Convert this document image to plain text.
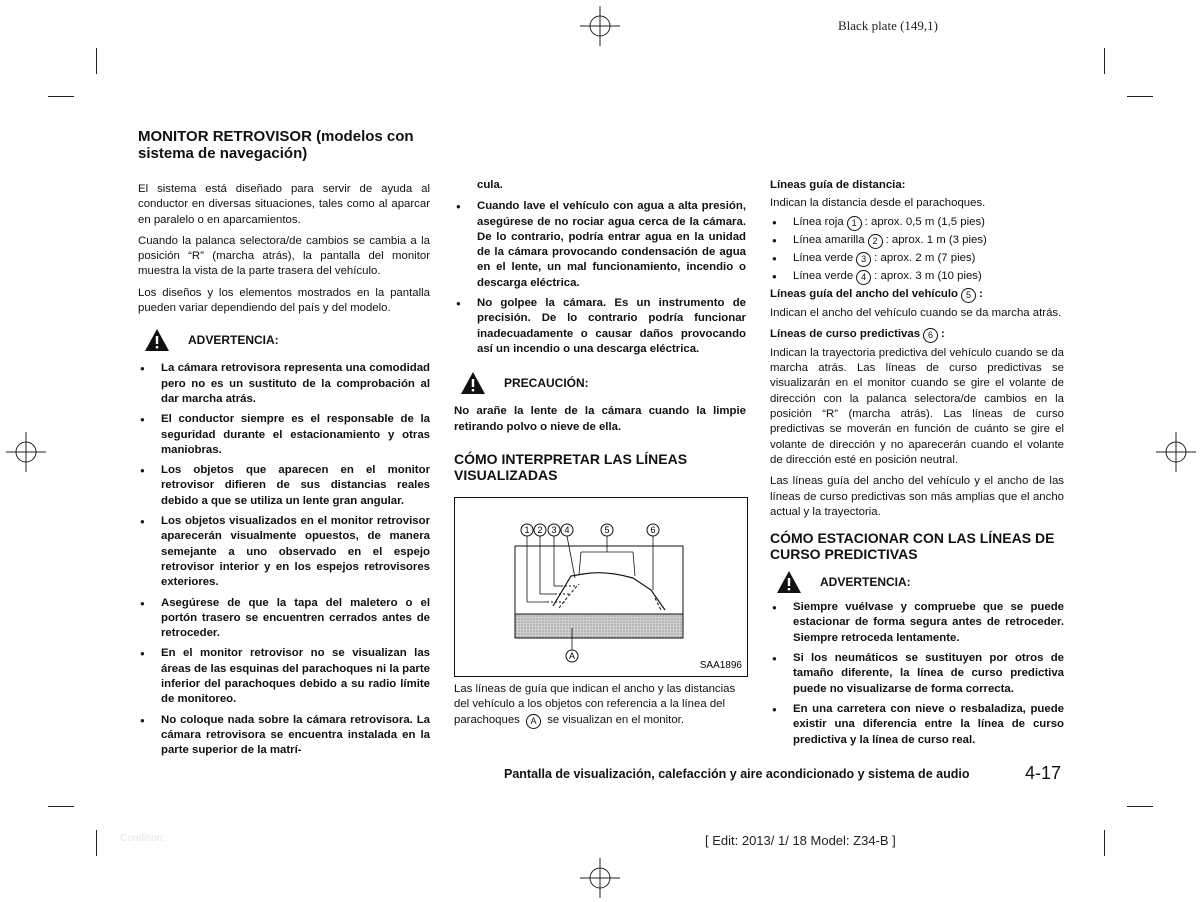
Black plate (149,1)
MONITOR RETROVISOR (modelos con sistema de navegación)

El sistema está diseñado para servir de ayuda al conductor en diversas situaciones, tales como al aparcar en paralelo o en aparcamientos.

Cuando la palanca selectora/de cambios se cambia a la posición “R” (marcha atrás), la pantalla del monitor muestra la vista de la parte trasera del vehículo.

Los diseños y los elementos mostrados en la pantalla pueden variar dependiendo del país y del modelo.

ADVERTENCIA:
● La cámara retrovisora representa una comodidad pero no es un sustituto de la comprobación al dar marcha atrás.
● El conductor siempre es el responsable de la seguridad durante el estacionamiento y otras maniobras.
● Los objetos que aparecen en el monitor retrovisor difieren de sus distancias reales debido a que se utiliza un lente gran angular.
● Los objetos visualizados en el monitor retrovisor aparecerán visualmente opuestos, de manera semejante a uno observado en el espejo retrovisor interior y en los espejos retrovisores exteriores.
● Asegúrese de que la tapa del maletero o el portón trasero se encuentren cerrados antes de retroceder.
● En el monitor retrovisor no se visualizan las áreas de las esquinas del parachoques ni la parte inferior del parachoques debido a su radio límite de monitoreo.
● No coloque nada sobre la cámara retrovisora. La cámara retrovisora se encuentra instalada en la parte superior de la matrí-
cula.
● Cuando lave el vehículo con agua a alta presión, asegúrese de no rociar agua cerca de la cámara. De lo contrario, podría entrar agua en la unidad de la cámara provocando condensación de agua en el lente, un mal funcionamiento, incendio o descarga eléctrica.
● No golpee la cámara. Es un instrumento de precisión. De lo contrario podría funcionar inadecuadamente o causar daños provocando así un incendio o una descarga eléctrica.
PRECAUCIÓN:

No arañe la lente de la cámara cuando la limpie retirando polvo o nieve de ella.

CÓMO INTERPRETAR LAS LÍNEAS VISUALIZADAS
1 2 3 4	5	6
A
SAA1896
Las líneas de guía que indican el ancho y las distancias del vehículo a los objetos con referencia a la línea del parachoques A se visualizan en el monitor.
Líneas guía de distancia:

Indican la distancia desde el parachoques.

● Línea roja 1 : aprox. 0,5 m (1,5 pies)
● Línea amarilla 2 : aprox. 1 m (3 pies)
● Línea verde 3 : aprox. 2 m (7 pies)
● Línea verde 4 : aprox. 3 m (10 pies)
Líneas guía del ancho del vehículo 5 :

Indican el ancho del vehículo cuando se da marcha atrás.

Líneas de curso predictivas 6 :

Indican la trayectoria predictiva del vehículo cuando se da marcha atrás. Las líneas de curso predictivas se visualizarán en el monitor cuando se gire el volante de dirección con la palanca selectora/de cambios en la posición “R” (marcha atrás). Las líneas de curso predictivas se moverán en función de cuánto se gire el volante de dirección y no aparecerán cuando el volante de dirección esté en posición neutral.

Las líneas guía del ancho del vehículo y el ancho de las líneas de curso predictivas son más amplias que el ancho actual y la trayectoria.

CÓMO ESTACIONAR CON LAS LÍNEAS DE CURSO PREDICTIVAS
ADVERTENCIA:
● Siempre vuélvase y compruebe que se puede estacionar de forma segura antes de retroceder. Siempre retroceda lentamente.
● Si los neumáticos se sustituyen por otros de tamaño diferente, la línea de curso predictiva puede no visualizarse de forma correcta.
● En una carretera con nieve o resbaladiza, puede existir una diferencia entre la línea de curso predictiva y la línea de curso real.
Pantalla de visualización, calefacción y aire acondicionado y sistema de audio	4-17
[ Edit: 2013/ 1/ 18 Model: Z34-B ]
Condition:
